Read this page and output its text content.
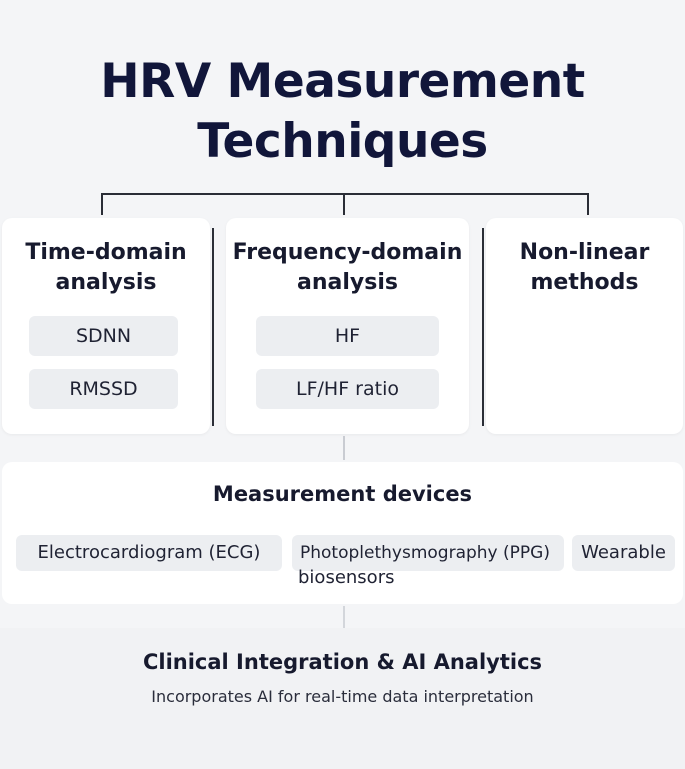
HRV Measurement
Techniques
Time-domain
analysis
SDNN
RMSSD
Frequency-domain
analysis
HF
LF/HF ratio
Non-linear
methods
Measurement devices
Electrocardiogram (ECG)	Photoplethysmography (PPG)
biosensors
Wearable
Clinical Integration & AI Analytics
Incorporates AI for real-time data interpretation
